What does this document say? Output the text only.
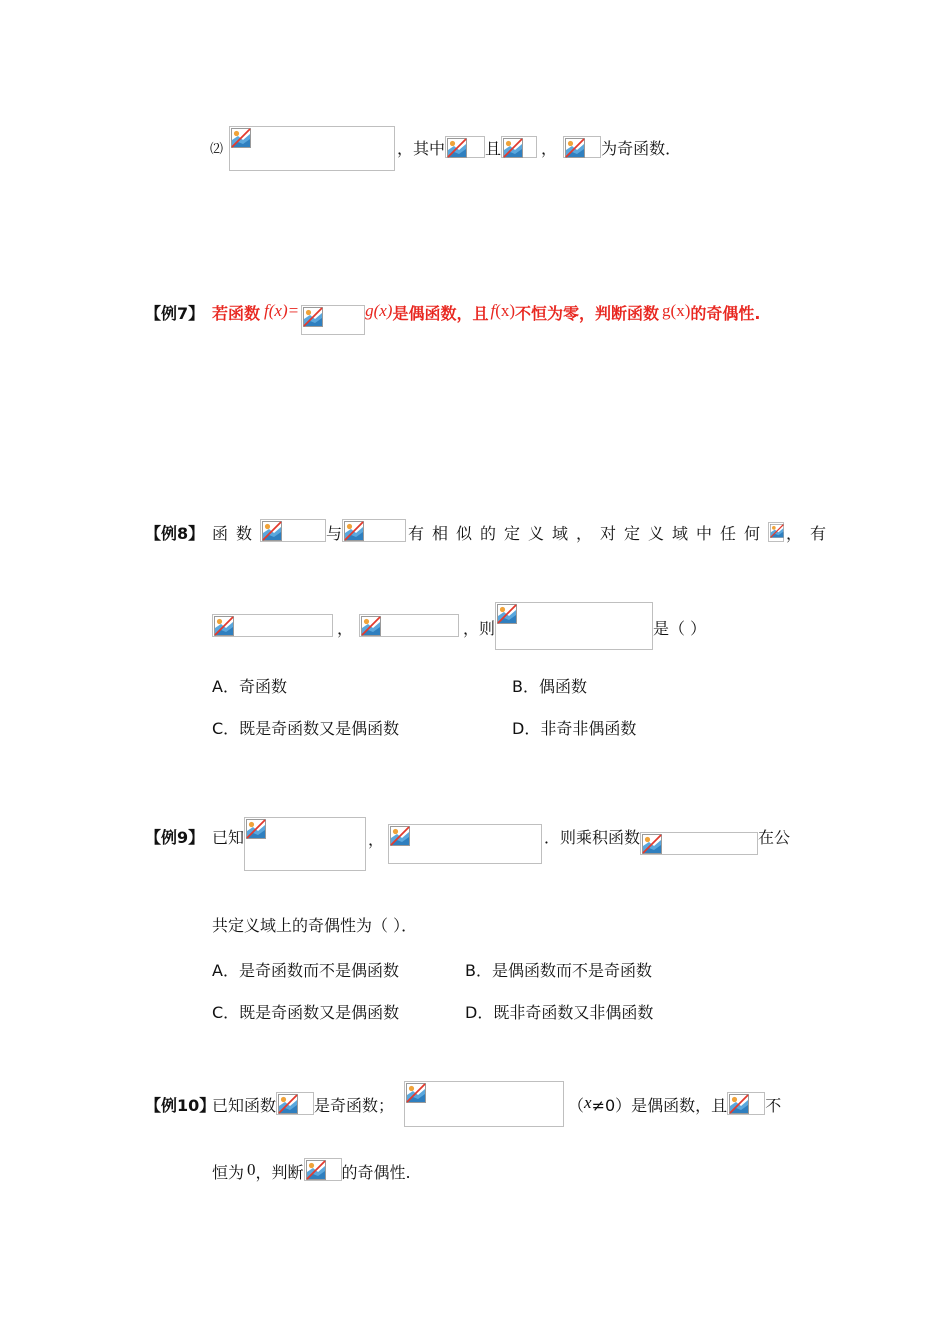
⑵	，其中	且	，	为奇函数．
【例7】 若函数 f(x)=	g(x) 是偶函数，且 f (x) 不恒为零，判断函数 g(x) 的奇偶性.
【例8】 函数	与	有相似的定义域，对定义域中任何 ，有
，	，则	是（ ）
A．奇函数	B．偶函数
C．既是奇函数又是偶函数	D．非奇非偶函数
【例9】 已知	，	．则乘积函数	在公
共定义域上的奇偶性为（ ）．
A．是奇函数而不是偶函数	B．是偶函数而不是奇函数
C．既是奇函数又是偶函数	D．既非奇函数又非偶函数
【例10】
已知函数 是奇函数；	（ x ≠0）是偶函数，且 不
恒为 0 ，判断 的奇偶性.
